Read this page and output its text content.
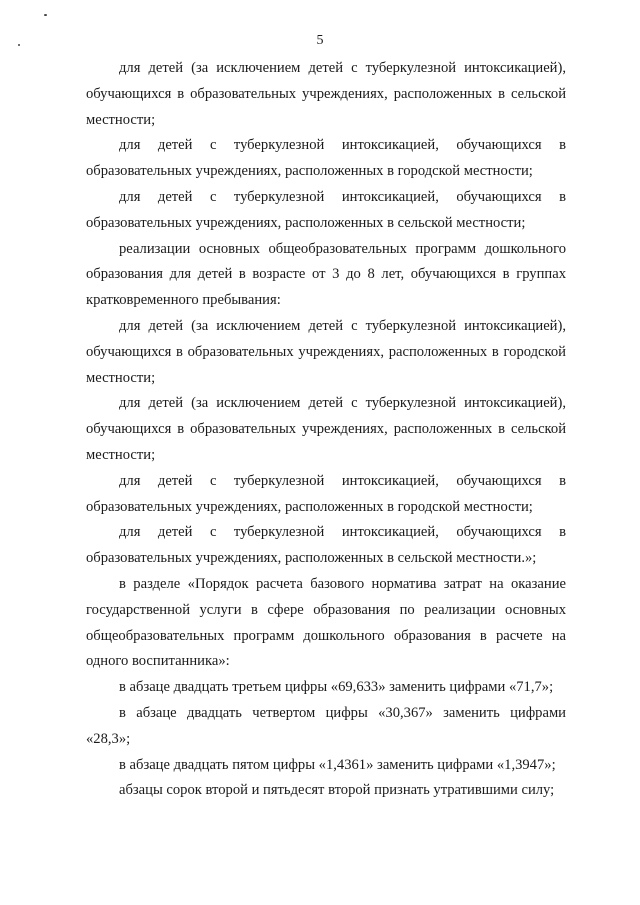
5

для детей (за исключением детей с туберкулезной интоксикацией), обучающихся в образовательных учреждениях, расположенных в сельской местности;

для детей с туберкулезной интоксикацией, обучающихся в образовательных учреждениях, расположенных в городской местности;

для детей с туберкулезной интоксикацией, обучающихся в образовательных учреждениях, расположенных в сельской местности;

реализации основных общеобразовательных программ дошкольного образования для детей в возрасте от 3 до 8 лет, обучающихся в группах кратковременного пребывания:

для детей (за исключением детей с туберкулезной интоксикацией), обучающихся в образовательных учреждениях, расположенных в городской местности;

для детей (за исключением детей с туберкулезной интоксикацией), обучающихся в образовательных учреждениях, расположенных в сельской местности;

для детей с туберкулезной интоксикацией, обучающихся в образовательных учреждениях, расположенных в городской местности;

для детей с туберкулезной интоксикацией, обучающихся в образовательных учреждениях, расположенных в сельской местности.»;

в разделе «Порядок расчета базового норматива затрат на оказание государственной услуги в сфере образования по реализации основных общеобразовательных программ дошкольного образования в расчете на одного воспитанника»:

в абзаце двадцать третьем цифры «69,633» заменить цифрами «71,7»;

в абзаце двадцать четвертом цифры «30,367» заменить цифрами «28,3»;

в абзаце двадцать пятом цифры «1,4361» заменить цифрами «1,3947»;

абзацы сорок второй и пятьдесят второй признать утратившими силу;
